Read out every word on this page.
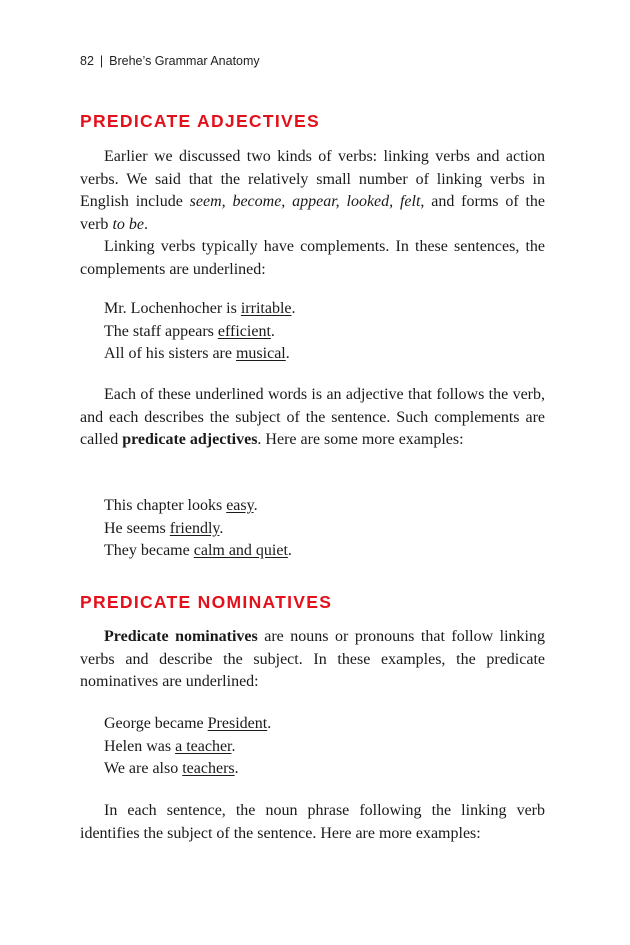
82 | Brehe’s Grammar Anatomy
PREDICATE ADJECTIVES

Earlier we discussed two kinds of verbs: linking verbs and action verbs. We said that the relatively small number of linking verbs in English include seem, become, appear, looked, felt, and forms of the verb to be.

Linking verbs typically have complements. In these sentences, the complements are underlined:

Mr. Lochenhocher is irritable.
The staff appears efficient.
All of his sisters are musical.

Each of these underlined words is an adjective that follows the verb, and each describes the subject of the sentence. Such complements are called predicate adjectives. Here are some more examples:

This chapter looks easy.
He seems friendly.
They became calm and quiet.
PREDICATE NOMINATIVES

Predicate nominatives are nouns or pronouns that follow linking verbs and describe the subject. In these examples, the predicate nominatives are underlined:

George became President.
Helen was a teacher.
We are also teachers.

In each sentence, the noun phrase following the linking verb identifies the subject of the sentence. Here are more examples:
